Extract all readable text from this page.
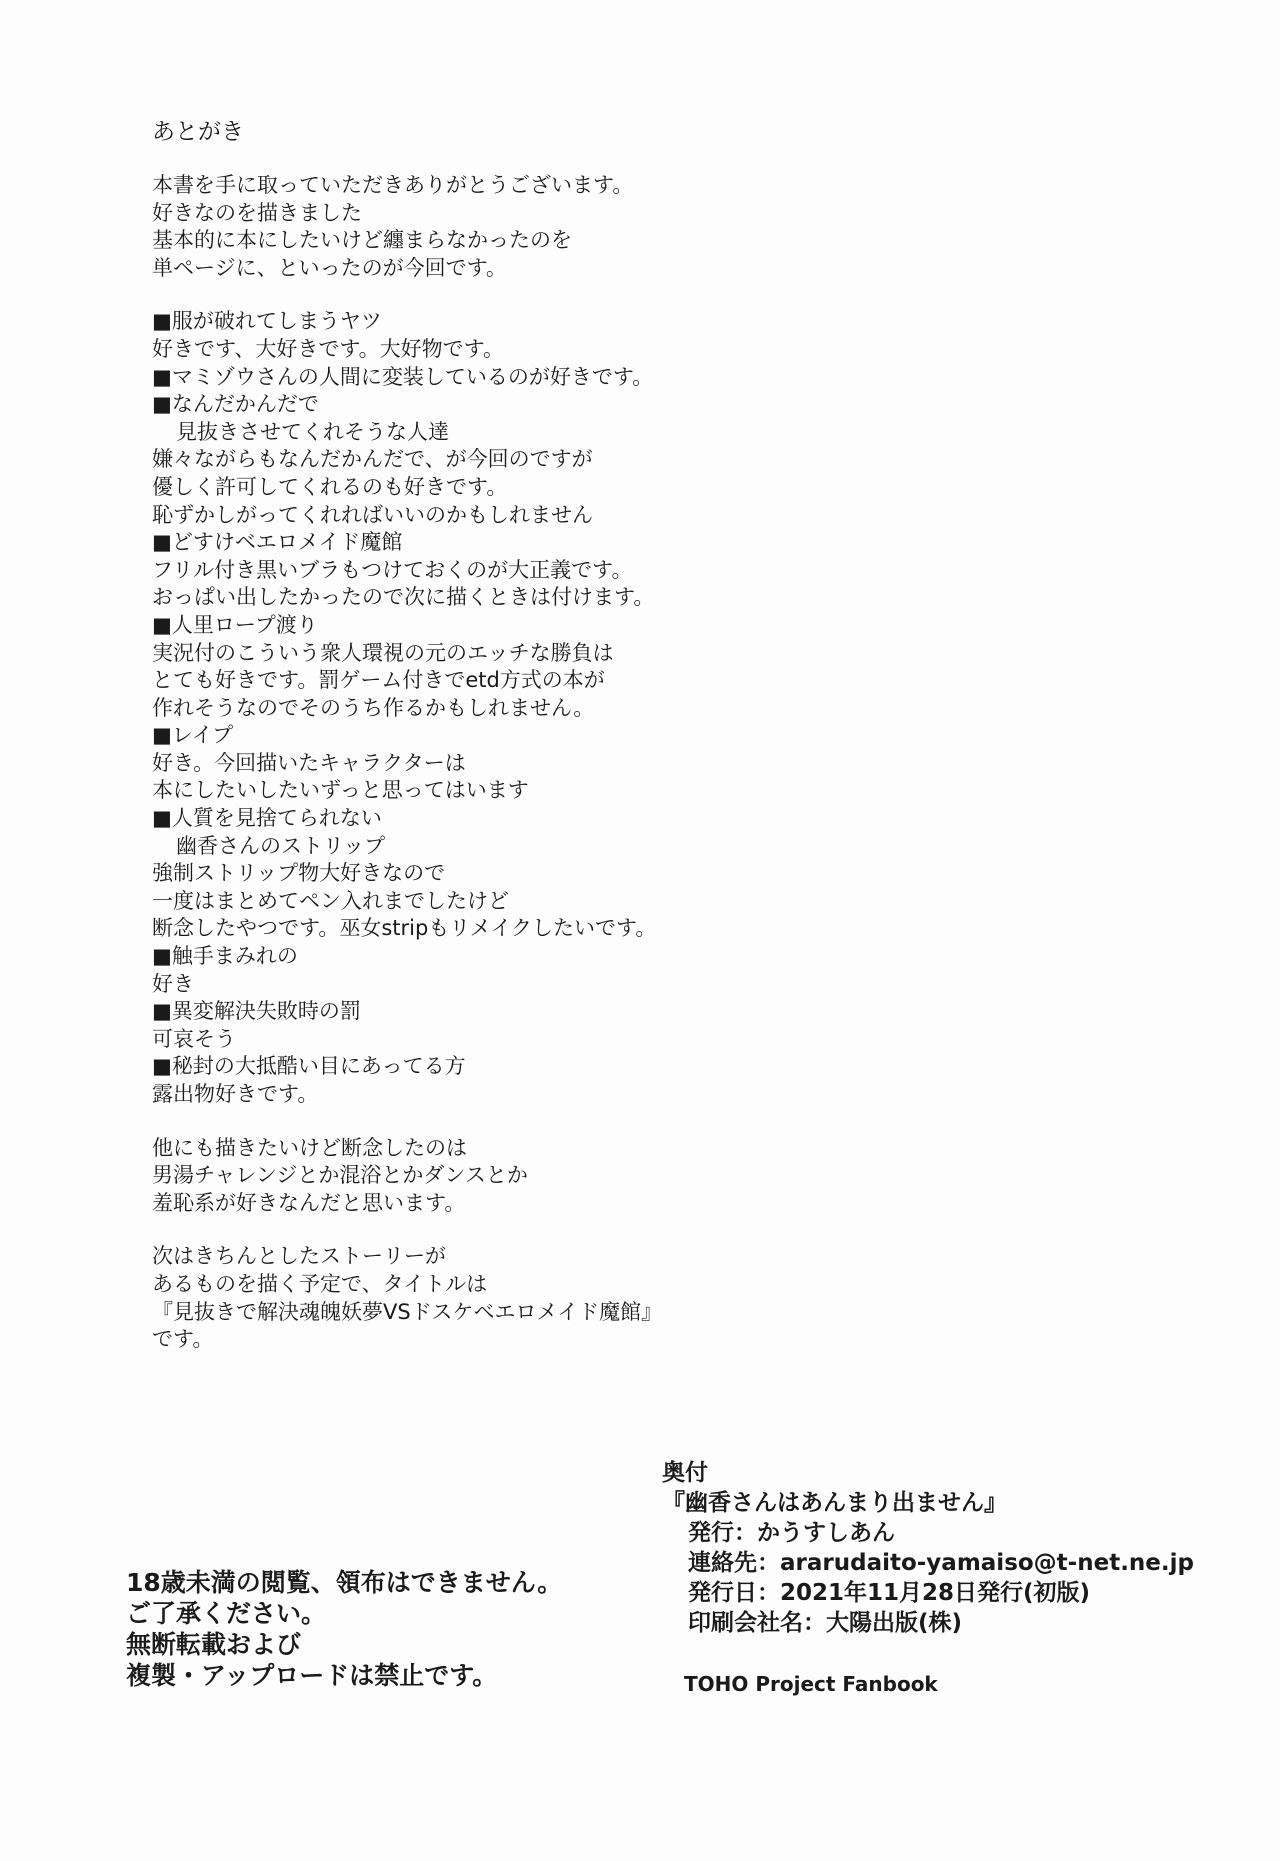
あとがき
本書を手に取っていただきありがとうございます。
好きなのを描きました
基本的に本にしたいけど纏まらなかったのを
単ページに、といったのが今回です。
■服が破れてしまうヤツ
好きです、大好きです。大好物です。
■マミゾウさんの人間に変装しているのが好きです。
■なんだかんだで
見抜きさせてくれそうな人達
嫌々ながらもなんだかんだで、が今回のですが
優しく許可してくれるのも好きです。
恥ずかしがってくれればいいのかもしれません
■どすけベエロメイド魔館
フリル付き黒いブラもつけておくのが大正義です。
おっぱい出したかったので次に描くときは付けます。
■人里ロープ渡り
実況付のこういう衆人環視の元のエッチな勝負は
とても好きです。罰ゲーム付きでetd方式の本が
作れそうなのでそのうち作るかもしれません。
■レイプ
好き。今回描いたキャラクターは
本にしたいしたいずっと思ってはいます
■人質を見捨てられない
幽香さんのストリップ
強制ストリップ物大好きなので
一度はまとめてペン入れまでしたけど
断念したやつです。巫女stripもリメイクしたいです。
■触手まみれの
好き
■異変解決失敗時の罰
可哀そう
■秘封の大抵酷い目にあってる方
露出物好きです。
他にも描きたいけど断念したのは
男湯チャレンジとか混浴とかダンスとか
羞恥系が好きなんだと思います。
次はきちんとしたストーリーが
あるものを描く予定で、タイトルは
『見抜きで解決魂魄妖夢VSドスケベエロメイド魔館』
です。
奥付
『幽香さんはあんまり出ません』
発行：かうすしあん
連絡先：ararudaito-yamaiso@t-net.ne.jp
発行日：2021年11月28日発行(初版)
印刷会社名：大陽出版(株)
18歳未満の閲覧、領布はできません。
ご了承ください。
無断転載および
複製・アップロードは禁止です。	TOHO Project Fanbook
